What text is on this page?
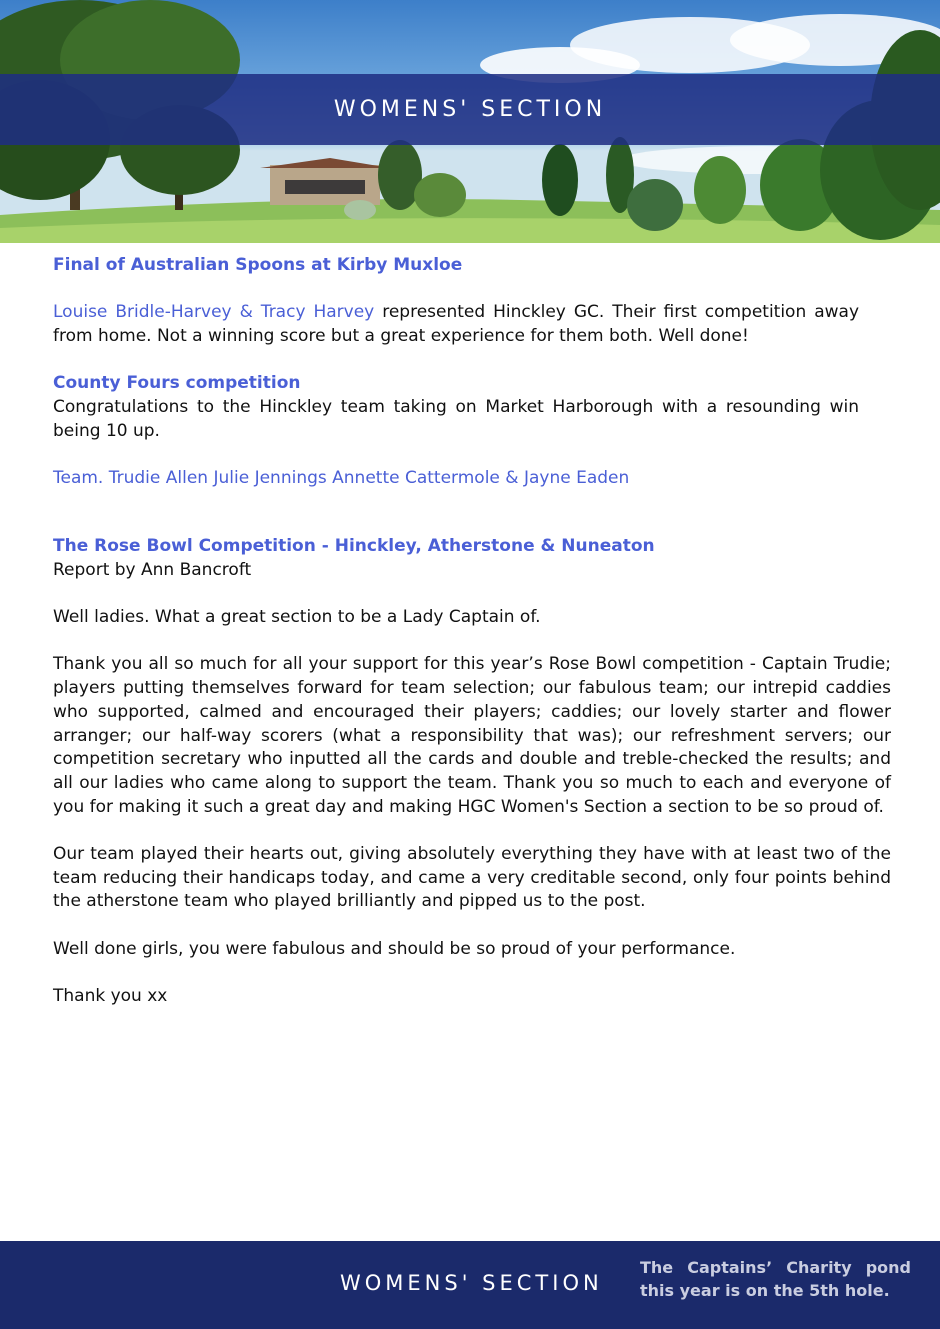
WOMENS' SECTION

Final of Australian Spoons at Kirby Muxloe

Louise Bridle-Harvey & Tracy Harvey represented Hinckley GC. Their first competition away from home. Not a winning score but a great experience for them both. Well done!

County Fours competition

Congratulations to the Hinckley team taking on Market Harborough with a resounding win being 10 up.

Team. Trudie Allen Julie Jennings Annette Cattermole & Jayne Eaden

The Rose Bowl Competition - Hinckley, Atherstone & Nuneaton

Report by Ann Bancroft

Well ladies. What a great section to be a Lady Captain of.

Thank you all so much for all your support for this year’s Rose Bowl competition - Captain Trudie; players putting themselves forward for team selection; our fabulous team; our intrepid caddies who supported, calmed and encouraged their players; caddies; our lovely starter and flower arranger; our half-way scorers (what a responsibility that was); our refreshment servers; our competition secretary who inputted all the cards and double and treble-checked the results; and all our ladies who came along to support the team. Thank you so much to each and everyone of you for making it such a great day and making HGC Women's Section a section to be so proud of.

Our team played their hearts out, giving absolutely everything they have with at least two of the team reducing their handicaps today, and came a very creditable second, only four points behind the atherstone team who played brilliantly and pipped us to the post.

Well done girls, you were fabulous and should be so proud of your performance.

Thank you xx

WOMENS' SECTION
The Captains’ Charity pond this year is on the 5th hole.
